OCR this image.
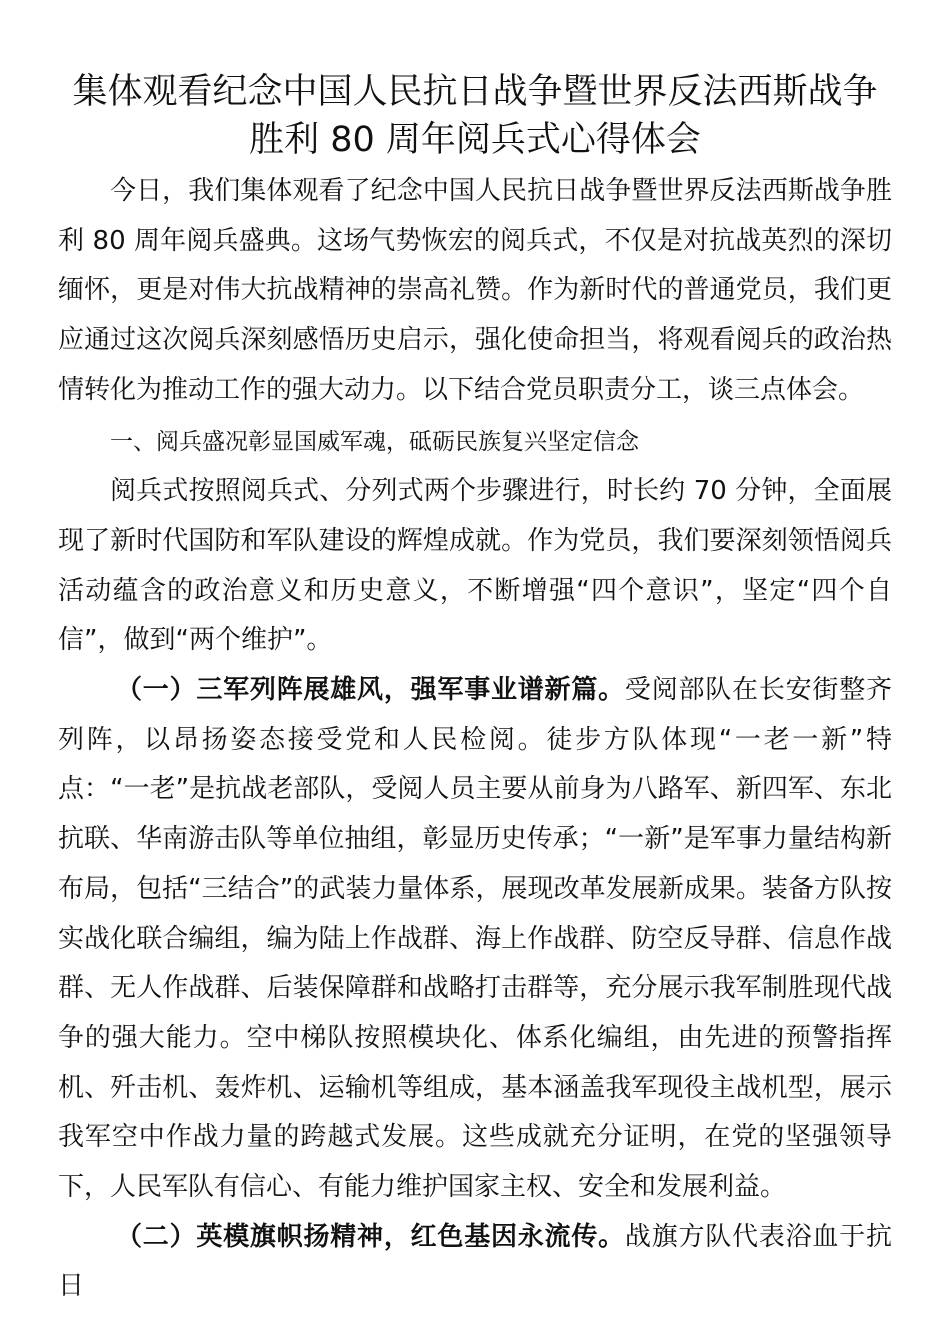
集体观看纪念中国人民抗日战争暨世界反法西斯战争胜利 80 周年阅兵式心得体会

今日，我们集体观看了纪念中国人民抗日战争暨世界反法西斯战争胜利 80 周年阅兵盛典。这场气势恢宏的阅兵式，不仅是对抗战英烈的深切缅怀，更是对伟大抗战精神的崇高礼赞。作为新时代的普通党员，我们更应通过这次阅兵深刻感悟历史启示，强化使命担当，将观看阅兵的政治热情转化为推动工作的强大动力。以下结合党员职责分工，谈三点体会。

一、阅兵盛况彰显国威军魂，砥砺民族复兴坚定信念

阅兵式按照阅兵式、分列式两个步骤进行，时长约 70 分钟，全面展现了新时代国防和军队建设的辉煌成就。作为党员，我们要深刻领悟阅兵活动蕴含的政治意义和历史意义，不断增强“四个意识”，坚定“四个自信”，做到“两个维护”。

（一）三军列阵展雄风，强军事业谱新篇。受阅部队在长安街整齐列阵，以昂扬姿态接受党和人民检阅。徒步方队体现“一老一新”特点：“一老”是抗战老部队，受阅人员主要从前身为八路军、新四军、东北抗联、华南游击队等单位抽组，彰显历史传承；“一新”是军事力量结构新布局，包括“三结合”的武装力量体系，展现改革发展新成果。装备方队按实战化联合编组，编为陆上作战群、海上作战群、防空反导群、信息作战群、无人作战群、后装保障群和战略打击群等，充分展示我军制胜现代战争的强大能力。空中梯队按照模块化、体系化编组，由先进的预警指挥机、歼击机、轰炸机、运输机等组成，基本涵盖我军现役主战机型，展示我军空中作战力量的跨越式发展。这些成就充分证明，在党的坚强领导下，人民军队有信心、有能力维护国家主权、安全和发展利益。

（二）英模旗帜扬精神，红色基因永流传。战旗方队代表浴血于抗日
